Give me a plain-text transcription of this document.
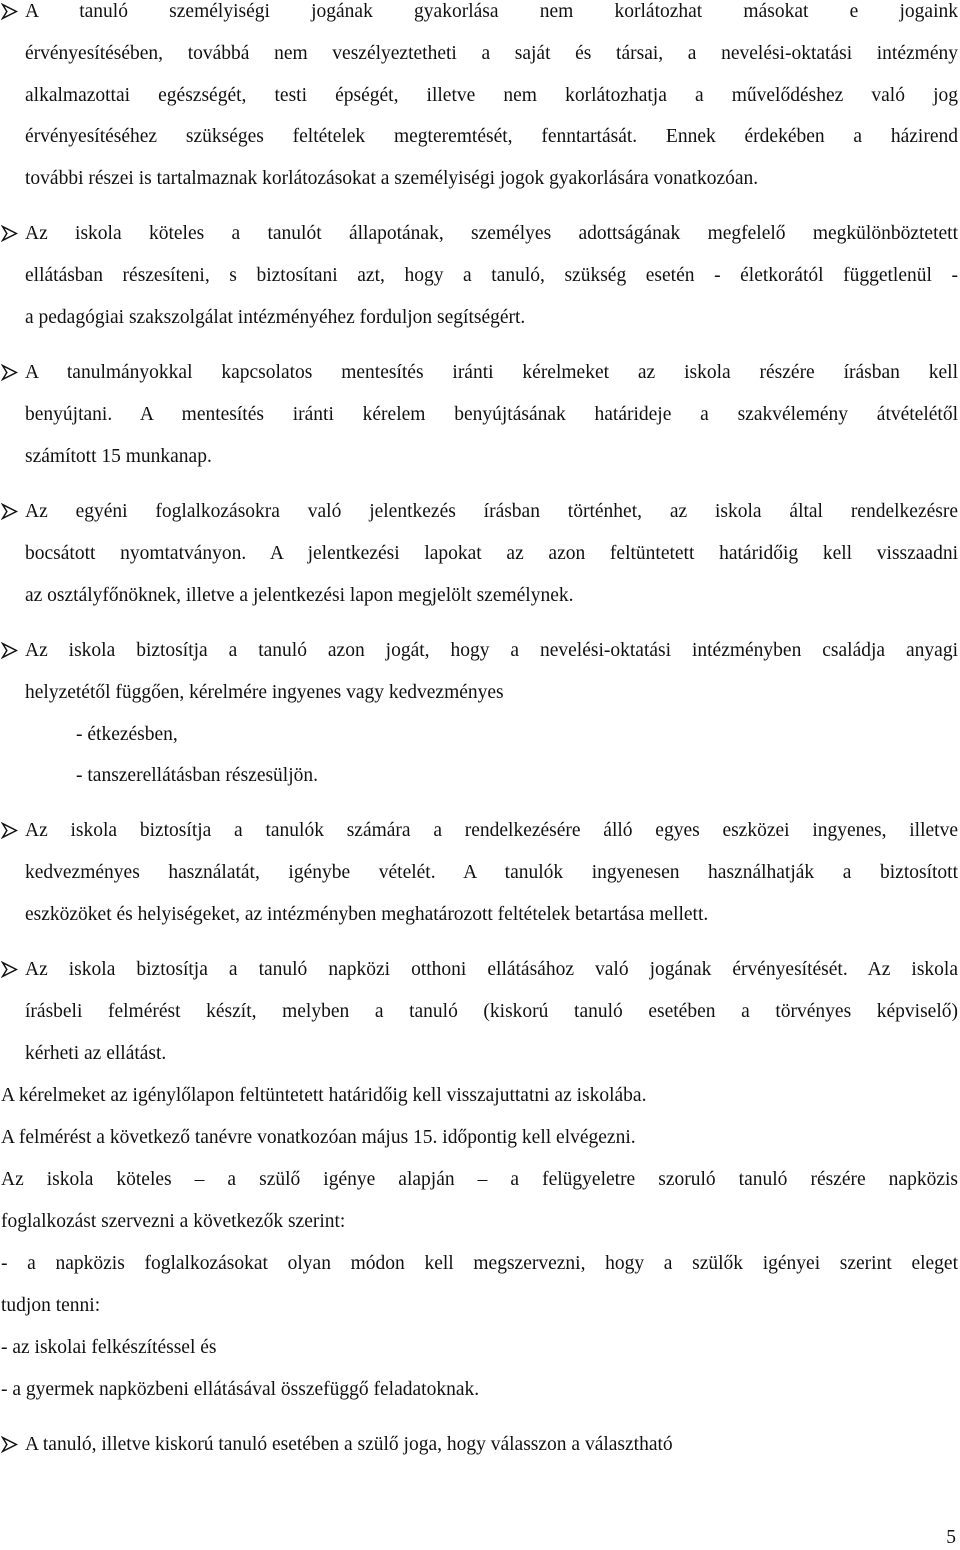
A tanuló személyiségi jogának gyakorlása nem korlátozhat másokat e jogaink
érvényesítésében, továbbá nem veszélyeztetheti a saját és társai, a nevelési-oktatási intézmény
alkalmazottai egészségét, testi épségét, illetve nem korlátozhatja a művelődéshez való jog
érvényesítéséhez szükséges feltételek megteremtését, fenntartását. Ennek érdekében a házirend
további részei is tartalmaznak korlátozásokat a személyiségi jogok gyakorlására vonatkozóan.
Az iskola köteles a tanulót állapotának, személyes adottságának megfelelő megkülönböztetett
ellátásban részesíteni, s biztosítani azt, hogy a tanuló, szükség esetén - életkorától függetlenül -
a pedagógiai szakszolgálat intézményéhez forduljon segítségért.
A tanulmányokkal kapcsolatos mentesítés iránti kérelmeket az iskola részére írásban kell
benyújtani. A mentesítés iránti kérelem benyújtásának határideje a szakvélemény átvételétől
számított 15 munkanap.
Az egyéni foglalkozásokra való jelentkezés írásban történhet, az iskola által rendelkezésre
bocsátott nyomtatványon. A jelentkezési lapokat az azon feltüntetett határidőig kell visszaadni
az osztályfőnöknek, illetve a jelentkezési lapon megjelölt személynek.
Az iskola biztosítja a tanuló azon jogát, hogy a nevelési-oktatási intézményben családja anyagi
helyzetétől függően, kérelmére ingyenes vagy kedvezményes
- étkezésben,
- tanszerellátásban részesüljön.
Az iskola biztosítja a tanulók számára a rendelkezésére álló egyes eszközei ingyenes, illetve
kedvezményes használatát, igénybe vételét. A tanulók ingyenesen használhatják a biztosított
eszközöket és helyiségeket, az intézményben meghatározott feltételek betartása mellett.
Az iskola biztosítja a tanuló napközi otthoni ellátásához való jogának érvényesítését. Az iskola
írásbeli felmérést készít, melyben a tanuló (kiskorú tanuló esetében a törvényes képviselő)
kérheti az ellátást.
A kérelmeket az igénylőlapon feltüntetett határidőig kell visszajuttatni az iskolába.
A felmérést a következő tanévre vonatkozóan május 15. időpontig kell elvégezni.
Az iskola köteles – a szülő igénye alapján – a felügyeletre szoruló tanuló részére napközis
foglalkozást szervezni a következők szerint:
- a napközis foglalkozásokat olyan módon kell megszervezni, hogy a szülők igényei szerint eleget
tudjon tenni:
- az iskolai felkészítéssel és
- a gyermek napközbeni ellátásával összefüggő feladatoknak.
A tanuló, illetve kiskorú tanuló esetében a szülő joga, hogy válasszon a választható
5
